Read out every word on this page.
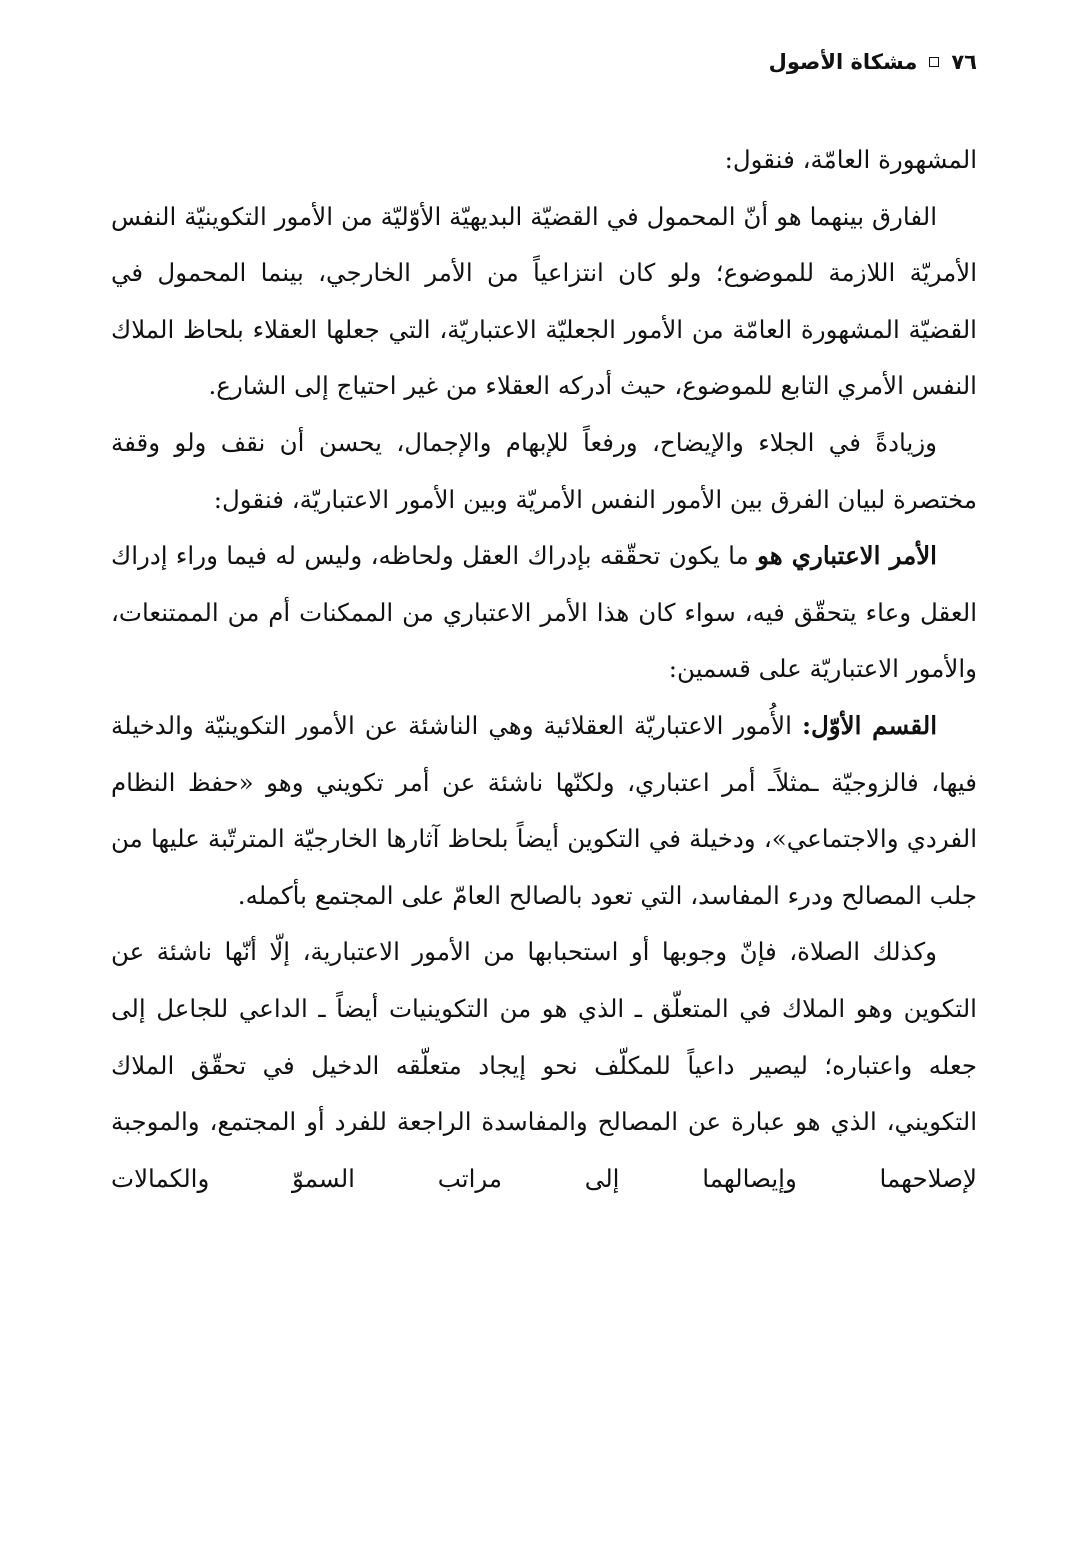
٧٦
مشكاة الأصول

المشهورة العامّة، فنقول:

الفارق بينهما هو أنّ المحمول في القضيّة البديهيّة الأوّليّة من الأمور التكوينيّة النفس الأمريّة اللازمة للموضوع؛ ولو كان انتزاعياً من الأمر الخارجي، بينما المحمول في القضيّة المشهورة العامّة من الأمور الجعليّة الاعتباريّة، التي جعلها العقلاء بلحاظ الملاك النفس الأمري التابع للموضوع، حيث أدركه العقلاء من غير احتياج إلى الشارع.

وزيادةً في الجلاء والإيضاح، ورفعاً للإبهام والإجمال، يحسن أن نقف ولو وقفة مختصرة لبيان الفرق بين الأمور النفس الأمريّة وبين الأمور الاعتباريّة، فنقول:

الأمر الاعتباري هو ما يكون تحقّقه بإدراك العقل ولحاظه، وليس له فيما وراء إدراك العقل وعاء يتحقّق فيه، سواء كان هذا الأمر الاعتباري من الممكنات أم من الممتنعات، والأمور الاعتباريّة على قسمين:

القسم الأوّل: الأُمور الاعتباريّة العقلائية وهي الناشئة عن الأمور التكوينيّة والدخيلة فيها، فالزوجيّة ـمثلاًـ أمر اعتباري، ولكنّها ناشئة عن أمر تكويني وهو «حفظ النظام الفردي والاجتماعي»، ودخيلة في التكوين أيضاً بلحاظ آثارها الخارجيّة المترتّبة عليها من جلب المصالح ودرء المفاسد، التي تعود بالصالح العامّ على المجتمع بأكمله.

وكذلك الصلاة، فإنّ وجوبها أو استحبابها من الأمور الاعتبارية، إلّا أنّها ناشئة عن التكوين وهو الملاك في المتعلّق ـ الذي هو من التكوينيات أيضاً ـ الداعي للجاعل إلى جعله واعتباره؛ ليصير داعياً للمكلّف نحو إيجاد متعلّقه الدخيل في تحقّق الملاك التكويني، الذي هو عبارة عن المصالح والمفاسدة الراجعة للفرد أو المجتمع، والموجبة لإصلاحهما وإيصالهما إلى مراتب السموّ والكمالات
